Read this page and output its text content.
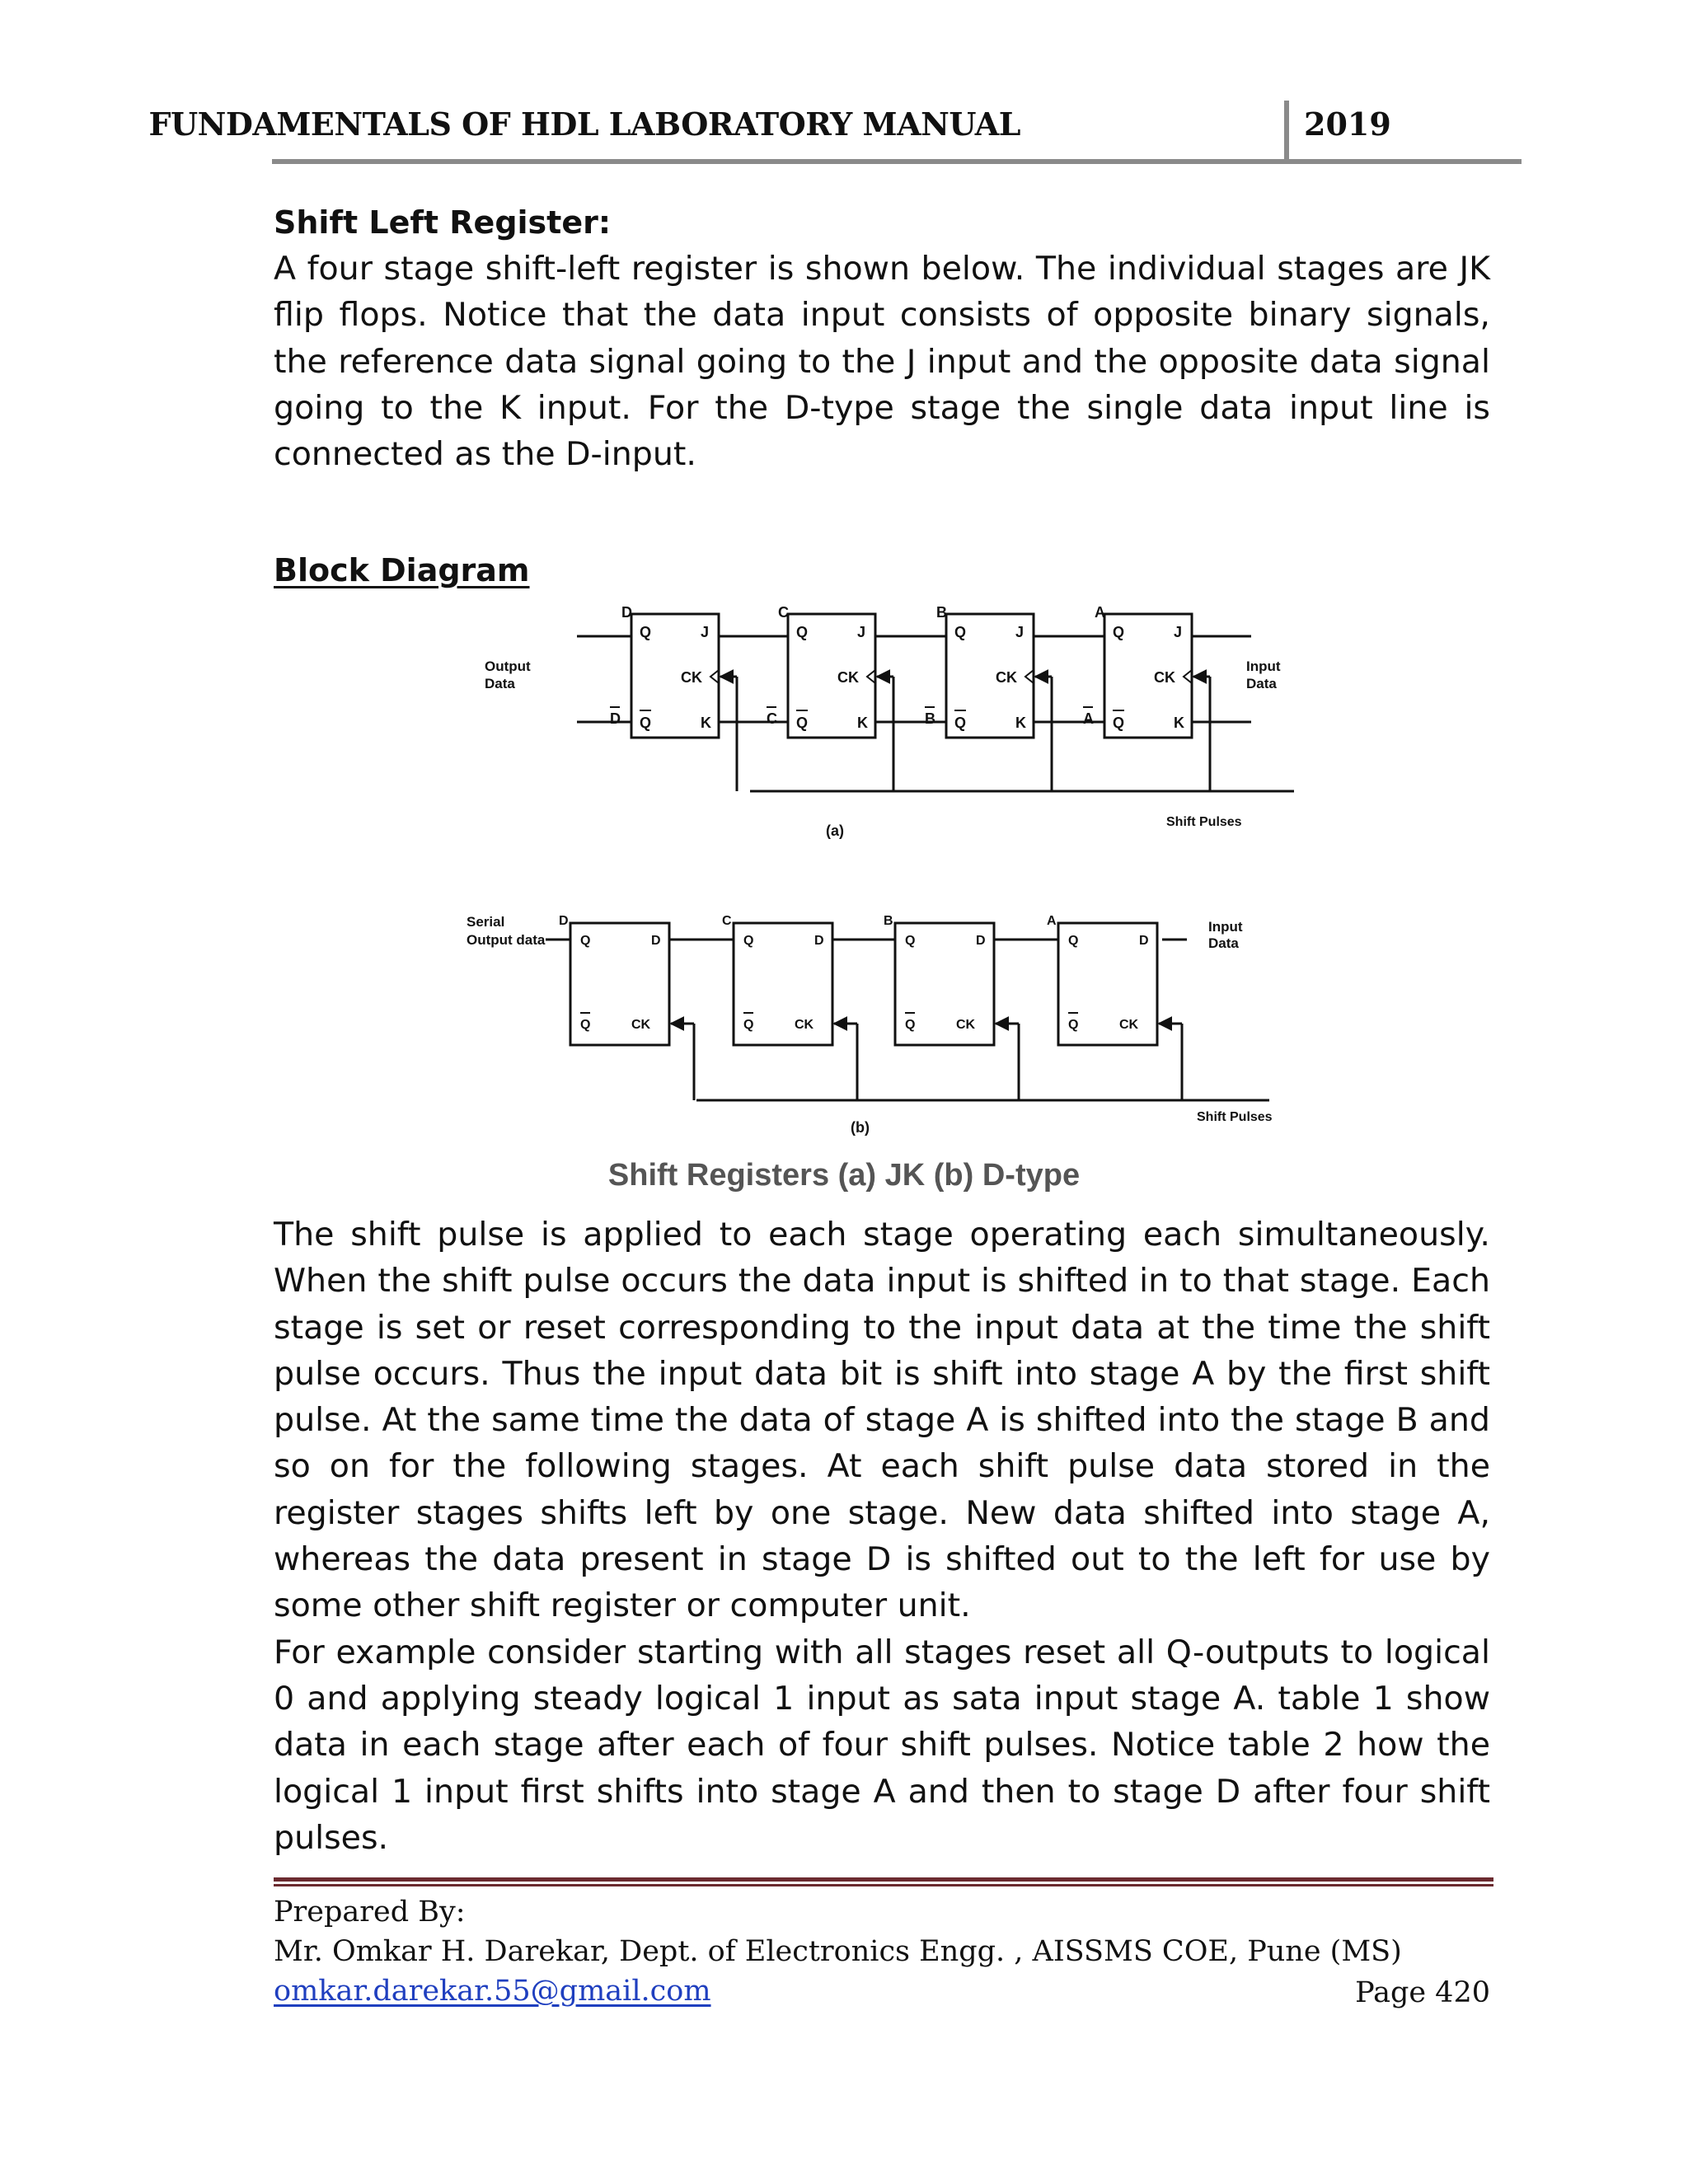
FUNDAMENTALS OF HDL LABORATORY MANUAL	2019
Shift Left Register:
A four stage shift-left register is shown below. The individual stages are JK flip flops. Notice that the data input consists of opposite binary signals, the reference data signal going to the J input and the opposite data signal going to the K input. For the D-type stage the single data input line is connected as the D-input.
Block Diagram
Q	J
CK
K
Q
D
D
Q	J
CK
K
Q
C
C
Q	J
CK
K
Q
B
B
Q	J
CK
K
Q
A
A
Output
Data
Input
Data
Shift Pulses
(a)
Q	D
Q	CK
D
Q	D
Q	CK
C
Q	D
Q	CK
B
Q	D
Q	CK
A
Serial
Output data
Input
Data
Shift Pulses
(b)
Shift Registers (a) JK (b) D-type
The shift pulse is applied to each stage operating each simultaneously. When the shift pulse occurs the data input is shifted in to that stage. Each stage is set or reset corresponding to the input data at the time the shift pulse occurs. Thus the input data bit is shift into stage A by the first shift pulse. At the same time the data of stage A is shifted into the stage B and so on for the following stages. At each shift pulse data stored in the register stages shifts left by one stage. New data shifted into stage A, whereas the data present in stage D is shifted out to the left for use by some other shift register or computer unit.
For example consider starting with all stages reset all Q-outputs to logical 0 and applying steady logical 1 input as sata input stage A. table 1 show data in each stage after each of four shift pulses. Notice table 2 how the logical 1 input first shifts into stage A and then to stage D after four shift pulses.
Prepared By:
Mr. Omkar H. Darekar, Dept. of Electronics Engg. , AISSMS COE, Pune (MS)
omkar.darekar.55@gmail.com	Page 420
